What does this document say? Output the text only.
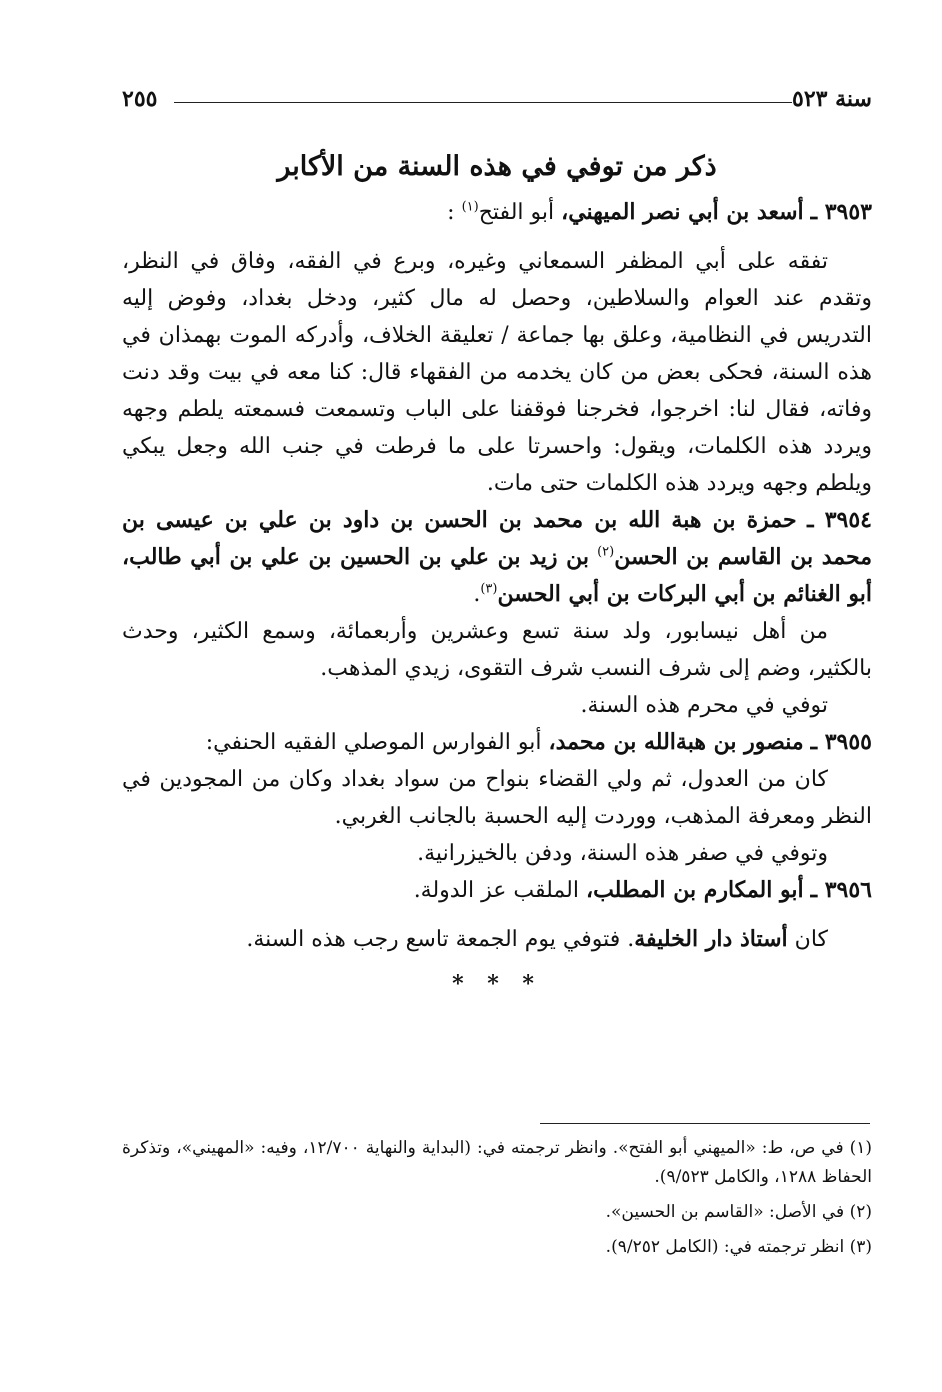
٢٥٥	سنة ٥٢٣
ذكر من توفي في هذه السنة من الأكابر

٣٩٥٣ ـ أسعد بن أبي نصر الميهني، أبو الفتح$^{(١)}$ :

تفقه على أبي المظفر السمعاني وغيره، وبرع في الفقه، وفاق في النظر، وتقدم عند العوام والسلاطين، وحصل له مال كثير، ودخل بغداد، وفوض إليه التدريس في النظامية، وعلق بها جماعة / تعليقة الخلاف، وأدركه الموت بهمذان في هذه السنة، فحكى بعض من كان يخدمه من الفقهاء قال: كنا معه في بيت وقد دنت وفاته، فقال لنا: اخرجوا، فخرجنا فوقفنا على الباب وتسمعت فسمعته يلطم وجهه ويردد هذه الكلمات، ويقول: واحسرتا على ما فرطت في جنب الله وجعل يبكي ويلطم وجهه ويردد هذه الكلمات حتى مات.

٣٩٥٤ ـ حمزة بن هبة الله بن محمد بن الحسن بن داود بن علي بن عيسى بن محمد بن القاسم بن الحسن$^{(٢)}$ بن زيد بن علي بن الحسين بن علي بن أبي طالب، أبو الغنائم بن أبي البركات بن أبي الحسن$^{(٣)}$.

من أهل نيسابور، ولد سنة تسع وعشرين وأربعمائة، وسمع الكثير، وحدث بالكثير، وضم إلى شرف النسب شرف التقوى، زيدي المذهب.

توفي في محرم هذه السنة.

٣٩٥٥ ـ منصور بن هبةالله بن محمد، أبو الفوارس الموصلي الفقيه الحنفي:

كان من العدول، ثم ولي القضاء بنواح من سواد بغداد وكان من المجودين في النظر ومعرفة المذهب، ووردت إليه الحسبة بالجانب الغربي.

وتوفي في صفر هذه السنة، ودفن بالخيزرانية.

٣٩٥٦ ـ أبو المكارم بن المطلب، الملقب عز الدولة.

كان أستاذ دار الخليفة. فتوفي يوم الجمعة تاسع رجب هذه السنة.

* * *

(١) في ص، ط: «الميهني أبو الفتح». وانظر ترجمته في: (البداية والنهاية ١٢/٧٠٠، وفيه: «المهيني»، وتذكرة الحفاظ ١٢٨٨، والكامل ٩/٥٢٣).

(٢) في الأصل: «القاسم بن الحسين».

(٣) انظر ترجمته في: (الكامل ٩/٢٥٢).
